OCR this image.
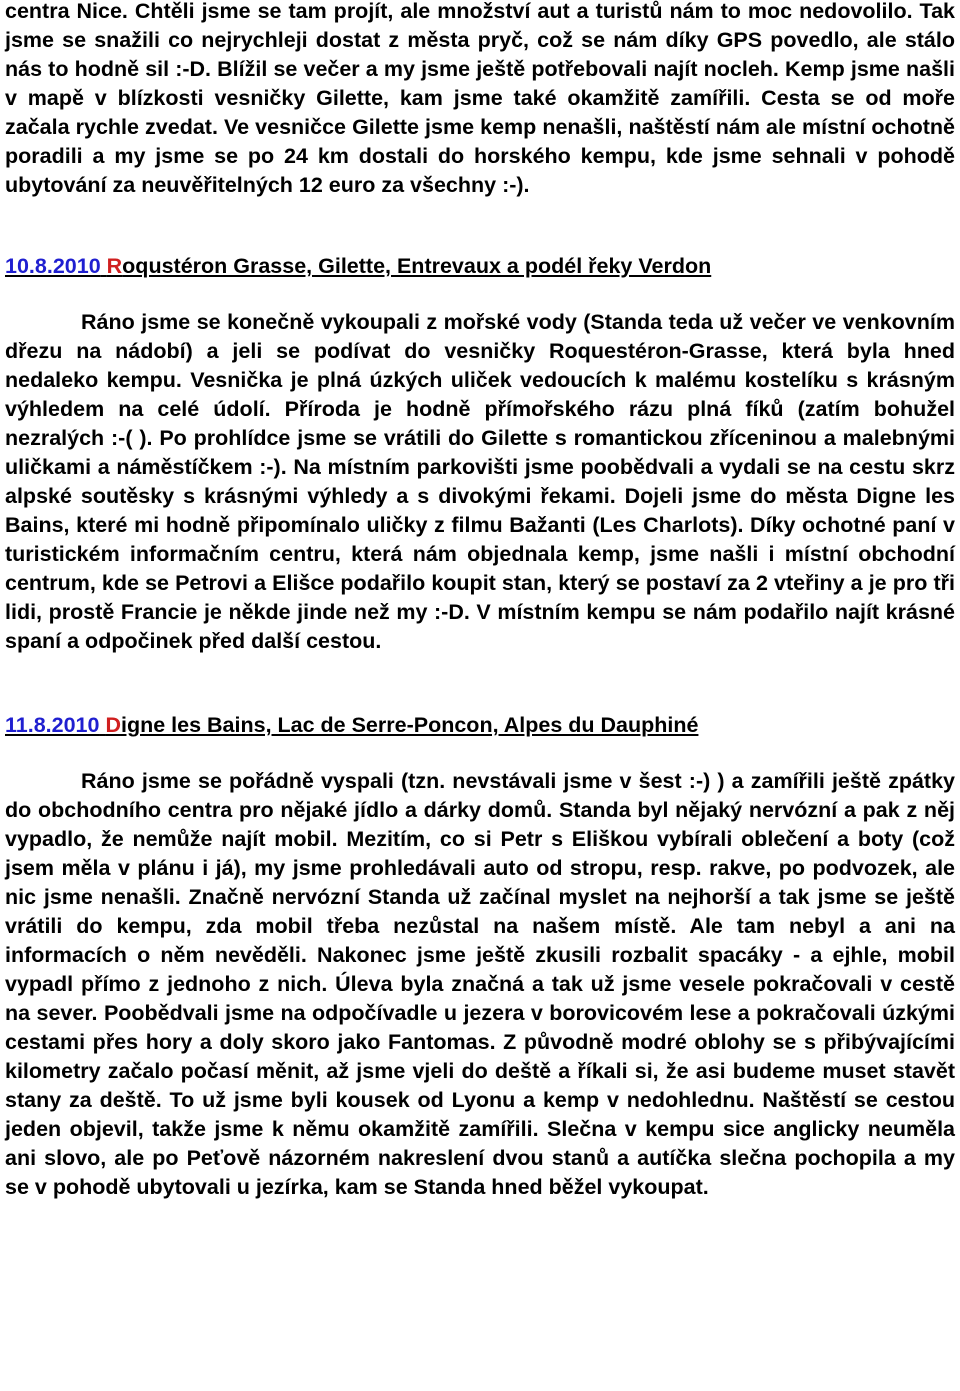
centra Nice. Chtěli jsme se tam projít, ale množství aut a turistů nám to moc nedovolilo. Tak jsme se snažili co nejrychleji dostat z města pryč, což se nám díky GPS povedlo, ale stálo nás to hodně sil :-D. Blížil se večer a my jsme ještě potřebovali najít nocleh. Kemp jsme našli v mapě v blízkosti vesničky Gilette, kam jsme také okamžitě zamířili. Cesta se od moře začala rychle zvedat. Ve vesničce Gilette jsme kemp nenašli, naštěstí nám ale místní ochotně poradili a my jsme se po 24 km dostali do horského kempu, kde jsme sehnali v pohodě ubytování za neuvěřitelných 12 euro za všechny :-).

10.8.2010 Roqustéron Grasse, Gilette, Entrevaux a podél řeky Verdon

Ráno jsme se konečně vykoupali z mořské vody (Standa teda už večer ve venkovním dřezu na nádobí) a jeli se podívat do vesničky Roquestéron-Grasse, která byla hned nedaleko kempu. Vesnička je plná úzkých uliček vedoucích k malému kostelíku s krásným výhledem na celé údolí. Příroda je hodně přímořského rázu plná fíků (zatím bohužel nezralých :-( ). Po prohlídce jsme se vrátili do Gilette s romantickou zříceninou a malebnými uličkami a náměstíčkem :-). Na místním parkovišti jsme poobědvali a vydali se na cestu skrz alpské soutěsky s krásnými výhledy a s divokými řekami. Dojeli jsme do města Digne les Bains, které mi hodně připomínalo uličky z filmu Bažanti (Les Charlots). Díky ochotné paní v turistickém informačním centru, která nám objednala kemp, jsme našli i místní obchodní centrum, kde se Petrovi a Elišce podařilo koupit stan, který se postaví za 2 vteřiny a je pro tři lidi, prostě Francie je někde jinde než my :-D. V místním kempu se nám podařilo najít krásné spaní a odpočinek před další cestou.

11.8.2010 Digne les Bains, Lac de Serre-Poncon, Alpes du Dauphiné

Ráno jsme se pořádně vyspali (tzn. nevstávali jsme v šest :-) ) a zamířili ještě zpátky do obchodního centra pro nějaké jídlo a dárky domů. Standa byl nějaký nervózní a pak z něj vypadlo, že nemůže najít mobil. Mezitím, co si Petr s Eliškou vybírali oblečení a boty (což jsem měla v plánu i já), my jsme prohledávali auto od stropu, resp. rakve, po podvozek, ale nic jsme nenašli. Značně nervózní Standa už začínal myslet na nejhorší a tak jsme se ještě vrátili do kempu, zda mobil třeba nezůstal na našem místě. Ale tam nebyl a ani na informacích o něm nevěděli. Nakonec jsme ještě zkusili rozbalit spacáky - a ejhle, mobil vypadl přímo z jednoho z nich. Úleva byla značná a tak už jsme vesele pokračovali v cestě na sever. Poobědvali jsme na odpočívadle u jezera v borovicovém lese a pokračovali úzkými cestami přes hory a doly skoro jako Fantomas. Z původně modré oblohy se s přibývajícími kilometry začalo počasí měnit, až jsme vjeli do deště a říkali si, že asi budeme muset stavět stany za deště. To už jsme byli kousek od Lyonu a kemp v nedohlednu. Naštěstí se cestou jeden objevil, takže jsme k němu okamžitě zamířili. Slečna v kempu sice anglicky neuměla ani slovo, ale po Peťově názorném nakreslení dvou stanů a autíčka slečna pochopila a my se v pohodě ubytovali u jezírka, kam se Standa hned běžel vykoupat.
